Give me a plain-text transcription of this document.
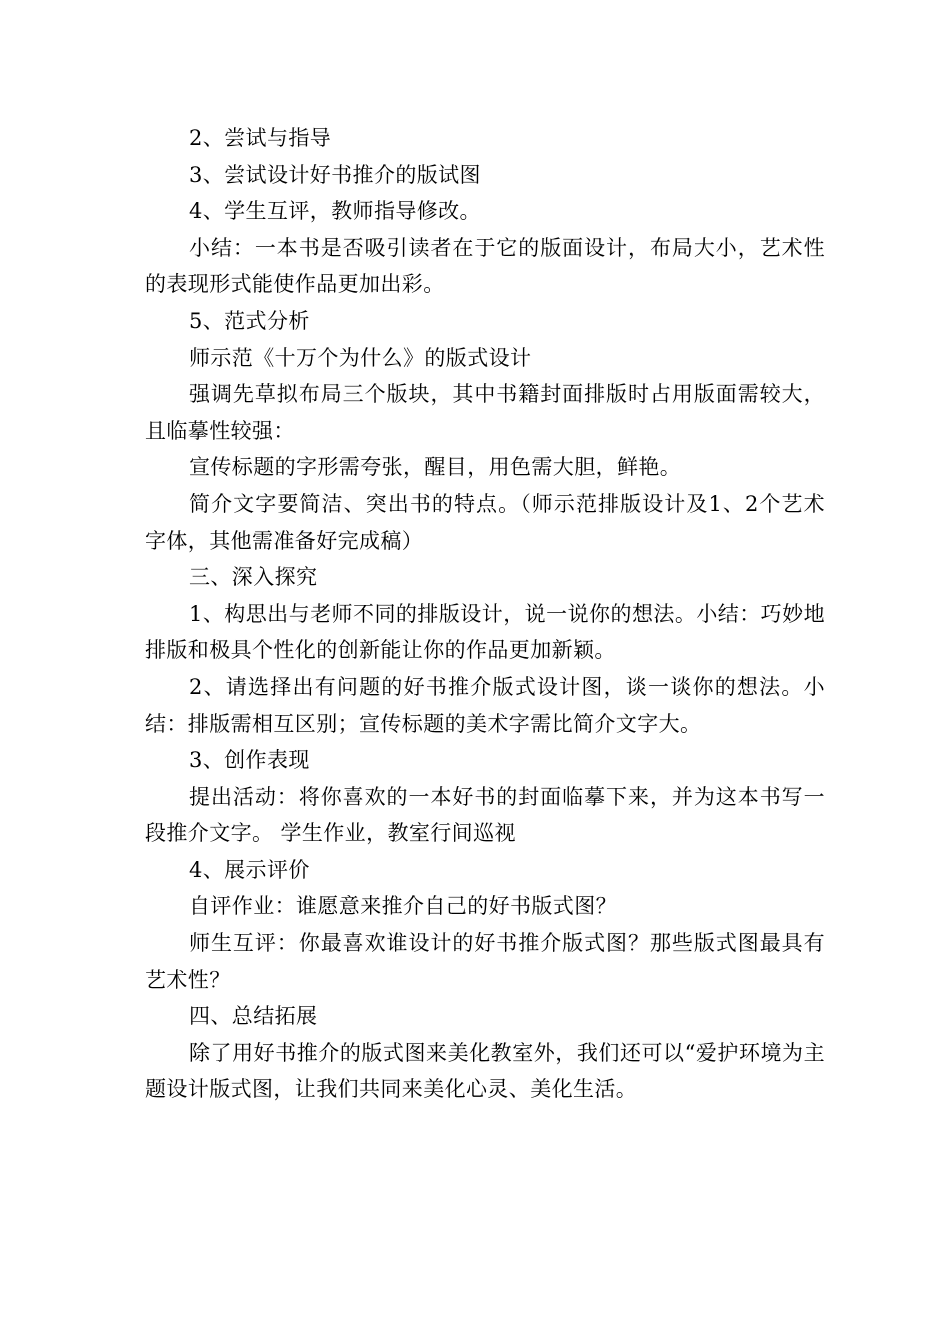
2、尝试与指导

3、尝试设计好书推介的版试图

4、学生互评，教师指导修改。

小结：一本书是否吸引读者在于它的版面设计，布局大小，艺术性的表现形式能使作品更加出彩。

5、范式分析

师示范《十万个为什么》的版式设计

强调先草拟布局三个版块，其中书籍封面排版时占用版面需较大，且临摹性较强：

宣传标题的字形需夸张，醒目，用色需大胆，鲜艳。

简介文字要简洁、突出书的特点。（师示范排版设计及1、2个艺术字体，其他需准备好完成稿）

三、深入探究

1、构思出与老师不同的排版设计，说一说你的想法。小结：巧妙地排版和极具个性化的创新能让你的作品更加新颖。

2、请选择出有问题的好书推介版式设计图，谈一谈你的想法。小结：排版需相互区别；宣传标题的美术字需比简介文字大。

3、创作表现

提出活动：将你喜欢的一本好书的封面临摹下来，并为这本书写一段推介文字。 学生作业，教室行间巡视

4、展示评价

自评作业：谁愿意来推介自己的好书版式图？

师生互评：你最喜欢谁设计的好书推介版式图？那些版式图最具有艺术性？

四、总结拓展

除了用好书推介的版式图来美化教室外，我们还可以“爱护环境为主题设计版式图，让我们共同来美化心灵、美化生活。
